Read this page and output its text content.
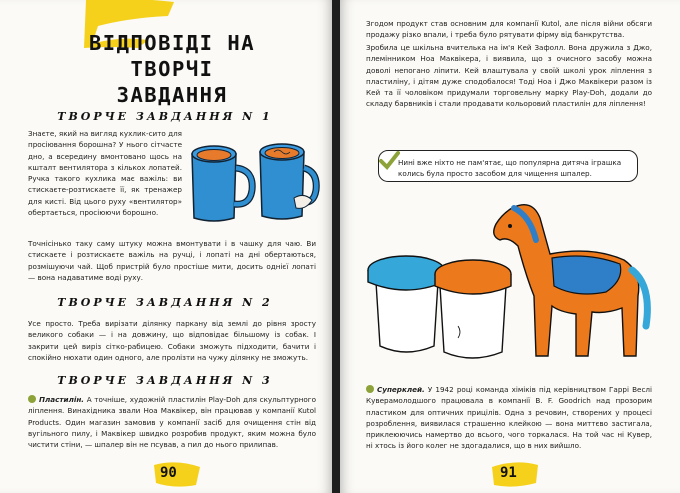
ВІДПОВІДІ НА ТВОРЧІ
ЗАВДАННЯ
ТВОРЧЕ ЗАВДАННЯ N 1

Знаєте, який на вигляд кухлик-сито для просіювання борошна? У нього сітчасте дно, а всередину вмонтовано щось на кшталт вентилятора з кількох лопатей. Ручка такого кухлика має важіль: ви стискаєте-розтискаєте її, як тренажер для кисті. Від цього руху «вентилятор» обертається, просіюючи борошно.

Точнісінько таку саму штуку можна вмонтувати і в чашку для чаю. Ви стискаєте і розтискаєте важіль на ручці, і лопаті на дні обертаються, розмішуючи чай. Щоб пристрій було простіше мити, досить однієї лопаті — вона надаватиме воді руху.

ТВОРЧЕ ЗАВДАННЯ N 2

Усе просто. Треба вирізати ділянку паркану від землі до рівня зросту великого собаки — і на довжину, що відповідає більшому із собак. І закрити цей виріз сітко-рабицею. Собаки зможуть підходити, бачити і спокійно нюхати один одного, але пролізти на чужу ділянку не зможуть.

ТВОРЧЕ ЗАВДАННЯ N 3

Пластилін. А точніше, художній пластилін Play-Doh для скульптурного ліплення. Винахідника звали Ноа Маквікер, він працював у компанії Kutol Products. Один магазин замовив у компанії засіб для очищення стін від вугільного пилу, і Маквікер швидко розробив продукт, яким можна було чистити стіни, — шпалер він не псував, а пил до нього прилипав.

90

Згодом продукт став основним для компанії Kutol, але після війни обсяги продажу різко впали, і треба було рятувати фірму від банкрутства.

Зробила це шкільна вчителька на ім'я Кей Зафолл. Вона дружила з Джо, племінником Ноа Маквікера, і виявила, що з очисного засобу можна доволі непогано ліпити. Кей влаштувала у своїй школі урок ліплення з пластиліну, і дітям дуже сподобалося! Тоді Ноа і Джо Маквікери разом із Кей та її чоловіком придумали торговельну марку Play-Doh, додали до складу барвників і стали продавати кольоровий пластилін для ліплення!

Нині вже ніхто не пам'ятає, що популярна дитяча іграшка колись була просто засобом для чищення шпалер.

Суперклей. У 1942 році команда хіміків під керівництвом Гаррі Веслі Куверамолодшого працювала в компанії B. F. Goodrich над прозорим пластиком для оптичних прицілів. Одна з речовин, створених у процесі розроблення, виявилася страшенно клейкою — вона миттєво застигала, приклеюючись намертво до всього, чого торкалася. На той час ні Кувер, ні хтось із його колег не здогадалися, що в них вийшло.

91
